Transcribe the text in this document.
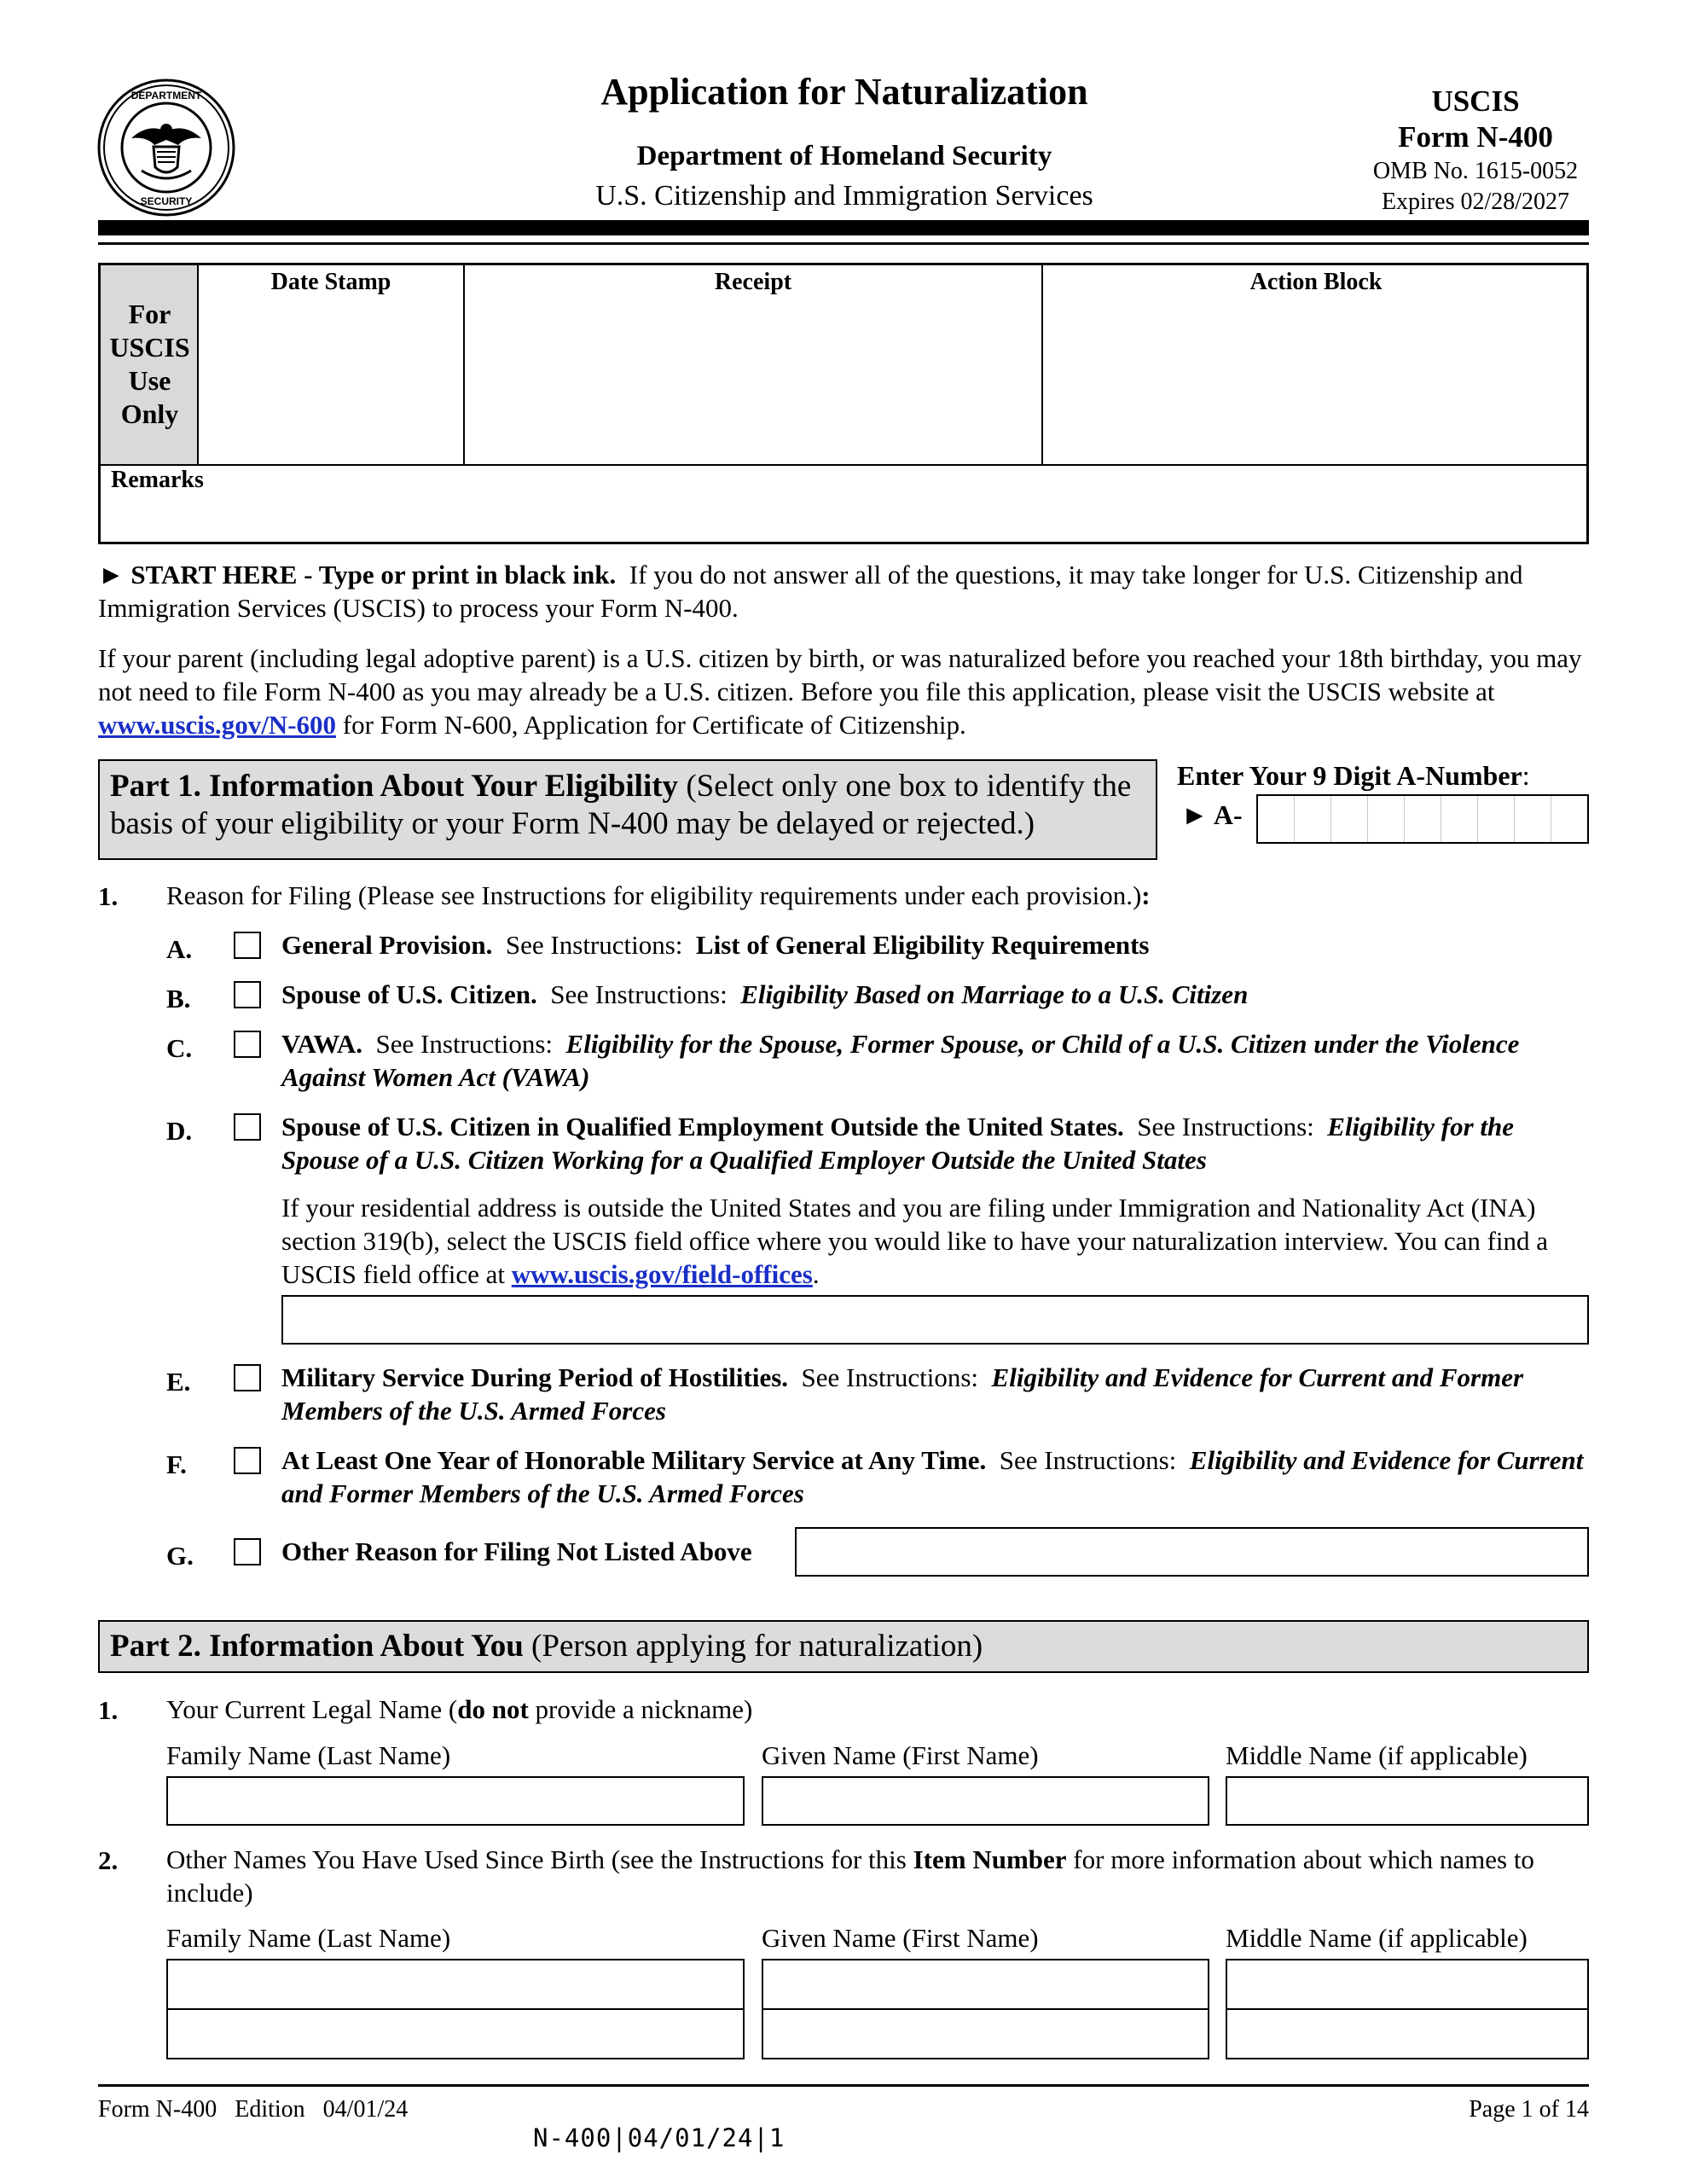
DEPARTMENT
SECURITY
Application for Naturalization
Department of Homeland Security
U.S. Citizenship and Immigration Services
USCIS
Form N-400
OMB No. 1615-0052
Expires 02/28/2027
For
USCIS
Use
Only
Date Stamp	Receipt	Action Block
Remarks
► START HERE - Type or print in black ink. If you do not answer all of the questions, it may take longer for U.S. Citizenship and Immigration Services (USCIS) to process your Form N-400.
If your parent (including legal adoptive parent) is a U.S. citizen by birth, or was naturalized before you reached your 18th birthday, you may not need to file Form N-400 as you may already be a U.S. citizen. Before you file this application, please visit the USCIS website at www.uscis.gov/N-600 for Form N-600, Application for Certificate of Citizenship.
Part 1. Information About Your Eligibility (Select only one box to identify the basis of your eligibility or your Form N-400 may be delayed or rejected.)
Enter Your 9 Digit A-Number:
► A-
1. Reason for Filing (Please see Instructions for eligibility requirements under each provision.):
A.	General Provision. See Instructions: List of General Eligibility Requirements
B.	Spouse of U.S. Citizen. See Instructions: Eligibility Based on Marriage to a U.S. Citizen
C.	VAWA. See Instructions: Eligibility for the Spouse, Former Spouse, or Child of a U.S. Citizen under the Violence Against Women Act (VAWA)
D.	Spouse of U.S. Citizen in Qualified Employment Outside the United States. See Instructions: Eligibility for the Spouse of a U.S. Citizen Working for a Qualified Employer Outside the United States
If your residential address is outside the United States and you are filing under Immigration and Nationality Act (INA) section 319(b), select the USCIS field office where you would like to have your naturalization interview. You can find a USCIS field office at www.uscis.gov/field-offices.
E.	Military Service During Period of Hostilities. See Instructions: Eligibility and Evidence for Current and Former Members of the U.S. Armed Forces
F.	At Least One Year of Honorable Military Service at Any Time. See Instructions: Eligibility and Evidence for Current and Former Members of the U.S. Armed Forces
G.	Other Reason for Filing Not Listed Above
Part 2. Information About You (Person applying for naturalization)
1. Your Current Legal Name (do not provide a nickname)
Family Name (Last Name)	Given Name (First Name)	Middle Name (if applicable)
2. Other Names You Have Used Since Birth (see the Instructions for this Item Number for more information about which names to include)
Family Name (Last Name)	Given Name (First Name)	Middle Name (if applicable)
Form N-400   Edition   04/01/24	Page 1 of 14
N-400|04/01/24|1
